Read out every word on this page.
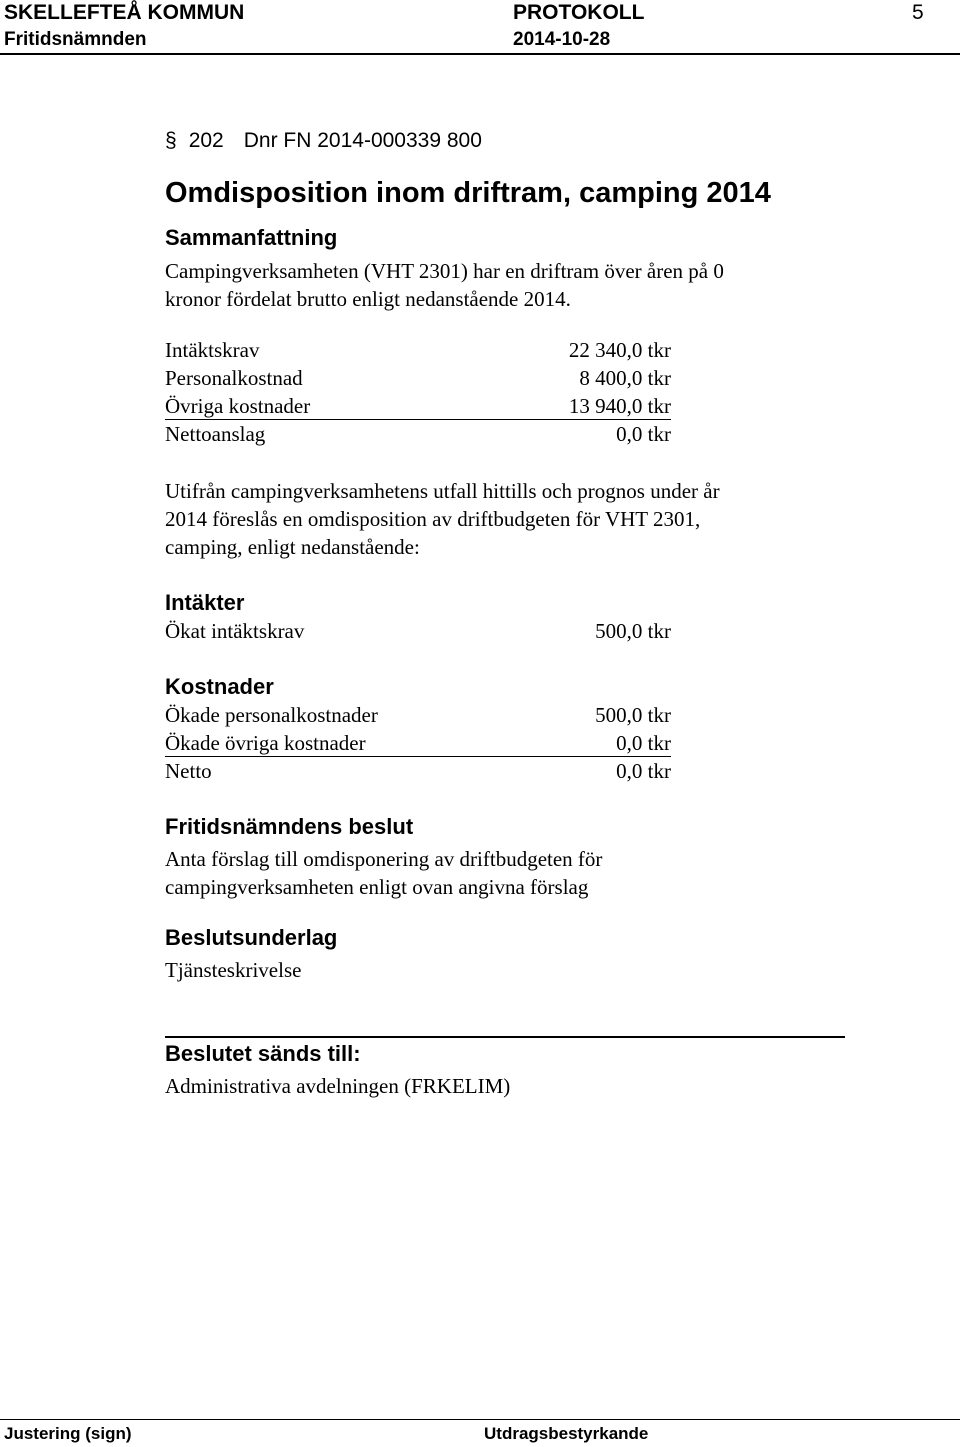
SKELLEFTEÅ KOMMUN	PROTOKOLL	5
Fritidsnämnden	2014-10-28
§ 202 Dnr FN 2014-000339 800
Omdisposition inom driftram, camping 2014
Sammanfattning
Campingverksamheten (VHT 2301) har en driftram över åren på 0
kronor fördelat brutto enligt nedanstående 2014.
Intäktskrav	22 340,0 tkr
Personalkostnad	8 400,0 tkr
Övriga kostnader	13 940,0 tkr
Nettoanslag	0,0 tkr
Utifrån campingverksamhetens utfall hittills och prognos under år
2014 föreslås en omdisposition av driftbudgeten för VHT 2301,
camping, enligt nedanstående:
Intäkter
Ökat intäktskrav	500,0 tkr
Kostnader
Ökade personalkostnader	500,0 tkr
Ökade övriga kostnader	0,0 tkr
Netto	0,0 tkr
Fritidsnämndens beslut
Anta förslag till omdisponering av driftbudgeten för
campingverksamheten enligt ovan angivna förslag
Beslutsunderlag
Tjänsteskrivelse
Beslutet sänds till:
Administrativa avdelningen (FRKELIM)
Justering (sign)	Utdragsbestyrkande
